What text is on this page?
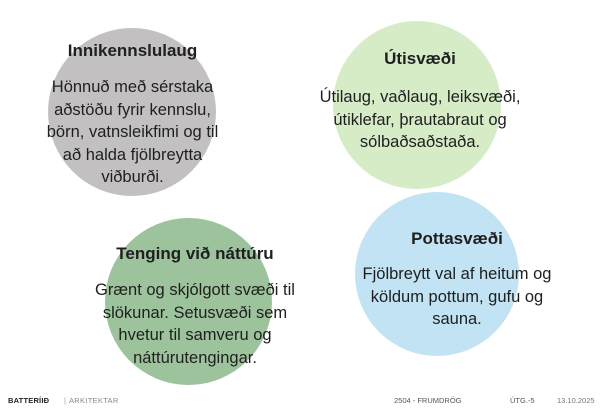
Innikennslulaug
Hönnuð með sérstaka aðstöðu fyrir kennslu, börn, vatnsleikfimi og til að halda fjölbreytta viðburði.
Útisvæði
Útilaug, vaðlaug, leiksvæði, útiklefar, þrautabraut og sólbaðsaðstaða.
Pottasvæði
Fjölbreytt val af heitum og köldum pottum, gufu og sauna.
Tenging við náttúru
Grænt og skjólgott svæði til slökunar. Setusvæði sem hvetur til samveru og náttúrutengingar.
BATTERÍIÐ | ARKITEKTAR	2504 - FRUMDRÖG	ÚTG.-5	13.10.2025
